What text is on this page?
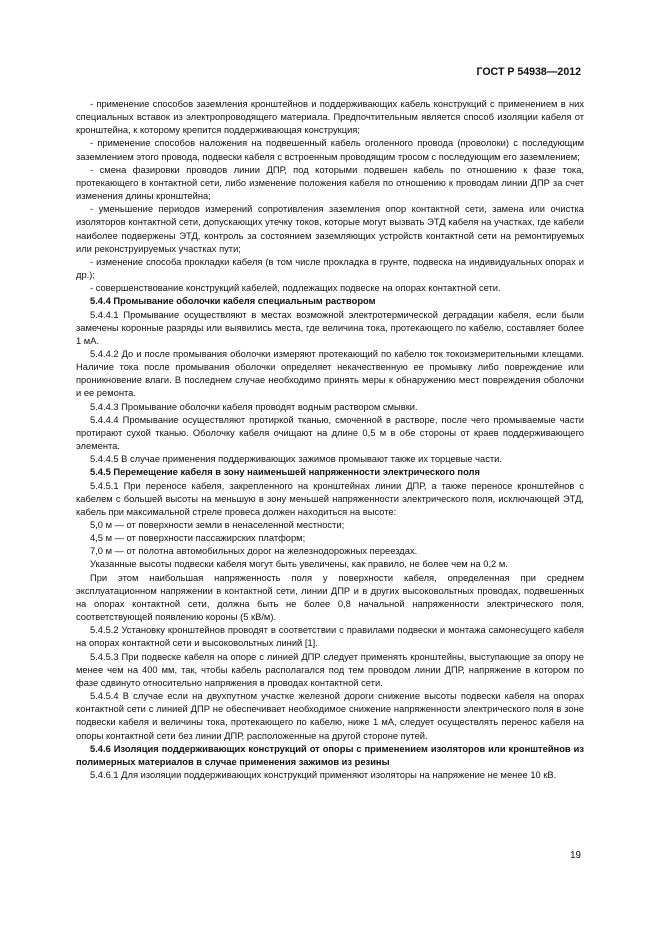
ГОСТ Р 54938—2012

- применение способов заземления кронштейнов и поддерживающих кабель конструкций с применением в них специальных вставок из электропроводящего материала. Предпочтительным является способ изоляции кабеля от кронштейна, к которому крепится поддерживающая конструкция;

- применение способов наложения на подвешенный кабель оголенного провода (проволоки) с последующим заземлением этого провода, подвески кабеля с встроенным проводящим тросом с последующим его заземлением;

- смена фазировки проводов линии ДПР, под которыми подвешен кабель по отношению к фазе тока, протекающего в контактной сети, либо изменение положения кабеля по отношению к проводам линии ДПР за счет изменения длины кронштейна;

- уменьшение периодов измерений сопротивления заземления опор контактной сети, замена или очистка изоляторов контактной сети, допускающих утечку токов, которые могут вызвать ЭТД кабеля на участках, где кабели наиболее подвержены ЭТД, контроль за состоянием заземляющих устройств контактной сети на ремонтируемых или реконструируемых участках пути;

- изменение способа прокладки кабеля (в том числе прокладка в грунте, подвеска на индивидуальных опорах и др.);

- совершенствование конструкций кабелей, подлежащих подвеске на опорах контактной сети.

5.4.4 Промывание оболочки кабеля специальным раствором

5.4.4.1 Промывание осуществляют в местах возможной электротермической деградации кабеля, если были замечены коронные разряды или выявились места, где величина тока, протекающего по кабелю, составляет более 1 мА.

5.4.4.2 До и после промывания оболочки измеряют протекающий по кабелю ток токоизмерительными клещами. Наличие тока после промывания оболочки определяет некачественную ее промывку либо повреждение или проникновение влаги. В последнем случае необходимо принять меры к обнаружению мест повреждения оболочки и ее ремонта.

5.4.4.3 Промывание оболочки кабеля проводят водным раствором смывки.

5.4.4.4 Промывание осуществляют протиркой тканью, смоченной в растворе, после чего промываемые части протирают сухой тканью. Оболочку кабеля очищают на длине 0,5 м в обе стороны от краев поддерживающего элемента.

5.4.4.5 В случае применения поддерживающих зажимов промывают также их торцевые части.

5.4.5 Перемещение кабеля в зону наименьшей напряженности электрического поля

5.4.5.1 При переносе кабеля, закрепленного на кронштейнах линии ДПР, а также переносе кронштейнов с кабелем с большей высоты на меньшую в зону меньшей напряженности электрического поля, исключающей ЭТД, кабель при максимальной стреле провеса должен находиться на высоте:

5,0 м — от поверхности земли в ненаселенной местности;

4,5 м — от поверхности пассажирских платформ;

7,0 м — от полотна автомобильных дорог на железнодорожных переездах.

Указанные высоты подвески кабеля могут быть увеличены, как правило, не более чем на 0,2 м.

При этом наибольшая напряженность поля у поверхности кабеля, определенная при среднем эксплуатационном напряжении в контактной сети, линии ДПР и в других высоковольтных проводах, подвешенных на опорах контактной сети, должна быть не более 0,8 начальной напряженности электрического поля, соответствующей появлению короны (5 кВ/м).

5.4.5.2 Установку кронштейнов проводят в соответствии с правилами подвески и монтажа самонесущего кабеля на опорах контактной сети и высоковольтных линий [1].

5.4.5.3 При подвеске кабеля на опоре с линией ДПР следует применять кронштейны, выступающие за опору не менее чем на 400 мм, так, чтобы кабель располагался под тем проводом линии ДПР, напряжение в котором по фазе сдвинуто относительно напряжения в проводах контактной сети.

5.4.5.4 В случае если на двухпутном участке железной дороги снижение высоты подвески кабеля на опорах контактной сети с линией ДПР не обеспечивает необходимое снижение напряженности электрического поля в зоне подвески кабеля и величины тока, протекающего по кабелю, ниже 1 мА, следует осуществлять перенос кабеля на опоры контактной сети без линии ДПР, расположенные на другой стороне путей.

5.4.6 Изоляция поддерживающих конструкций от опоры с применением изоляторов или кронштейнов из полимерных материалов в случае применения зажимов из резины

5.4.6.1 Для изоляции поддерживающих конструкций применяют изоляторы на напряжение не менее 10 кВ.

19
